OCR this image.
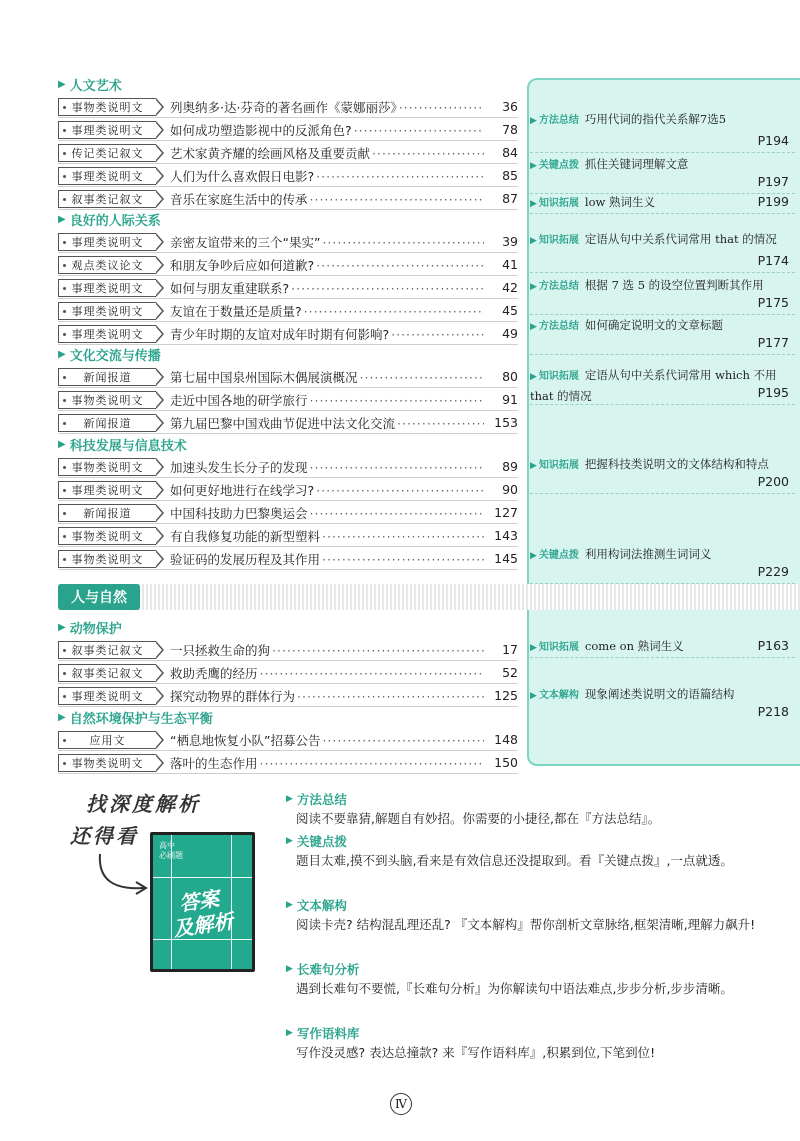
▶ 人文艺术
▶ 良好的人际关系
▶ 文化交流与传播
▶ 科技发展与信息技术
▶ 动物保护
▶ 自然环境保护与生态平衡
事物类说明文	列奥纳多·达·芬奇的著名画作《蒙娜丽莎》 ·····	36
事理类说明文	如何成功塑造影视中的反派角色? ·····	78
传记类记叙文	艺术家黄齐耀的绘画风格及重要贡献 ·····	84
事理类说明文	人们为什么喜欢假日电影? ·····	85
叙事类记叙文	音乐在家庭生活中的传承 ·····	87
事理类说明文	亲密友谊带来的三个“果实” ·····	39
观点类议论文	和朋友争吵后应如何道歉? ·····	41
事理类说明文	如何与朋友重建联系? ·····	42
事理类说明文	友谊在于数量还是质量? ·····	45
事理类说明文	青少年时期的友谊对成年时期有何影响? ·····	49
新闻报道	第七届中国泉州国际木偶展演概况 ·····	80
事物类说明文	走近中国各地的研学旅行 ·····	91
新闻报道	第九届巴黎中国戏曲节促进中法文化交流 ·····	153
事物类说明文	加速头发生长分子的发现 ·····	89
事理类说明文	如何更好地进行在线学习? ·····	90
新闻报道	中国科技助力巴黎奥运会 ·····	127
事物类说明文	有自我修复功能的新型塑料 ·····	143
事物类说明文	验证码的发展历程及其作用 ·····	145
叙事类记叙文	一只拯救生命的狗 ·····	17
叙事类记叙文	救助秃鹰的经历 ·····	52
事理类说明文	探究动物界的群体行为 ·····	125
应用文	“栖息地恢复小队”招募公告 ·····	148
事物类说明文	落叶的生态作用 ·····	150
人与自然
▶ 方法总结 巧用代词的指代关系解7选5
P194
▶ 关键点拨 抓住关键词理解文意
P197
▶ 知识拓展 low 熟词生义	P199
▶ 知识拓展 定语从句中关系代词常用 that 的情况
P174
▶ 方法总结 根据 7 选 5 的设空位置判断其作用
P175
▶ 方法总结 如何确定说明文的文章标题
P177
▶ 知识拓展 定语从句中关系代词常用 which 不用 that 的情况	P195
▶ 知识拓展 把握科技类说明文的文体结构和特点
P200
▶ 关键点拨 利用构词法推测生词词义
P229
▶ 知识拓展 come on 熟词生义	P163
▶ 文本解构 现象阐述类说明文的语篇结构
P218
找深度解析
还得看	高中
必刷题
答案
及解析
▶ 方法总结
阅读不要靠猜,解题自有妙招。你需要的小捷径,都在『方法总结』。
▶ 关键点拨
题目太难,摸不到头脑,看来是有效信息还没提取到。看『关键点拨』,一点就透。
▶ 文本解构
阅读卡壳? 结构混乱理还乱? 『文本解构』帮你剖析文章脉络,框架清晰,理解力飙升!
▶ 长难句分析
遇到长难句不要慌,『长难句分析』为你解读句中语法难点,步步分析,步步清晰。
▶ 写作语料库
写作没灵感? 表达总撞款? 来『写作语料库』,积累到位,下笔到位!
Ⅳ
